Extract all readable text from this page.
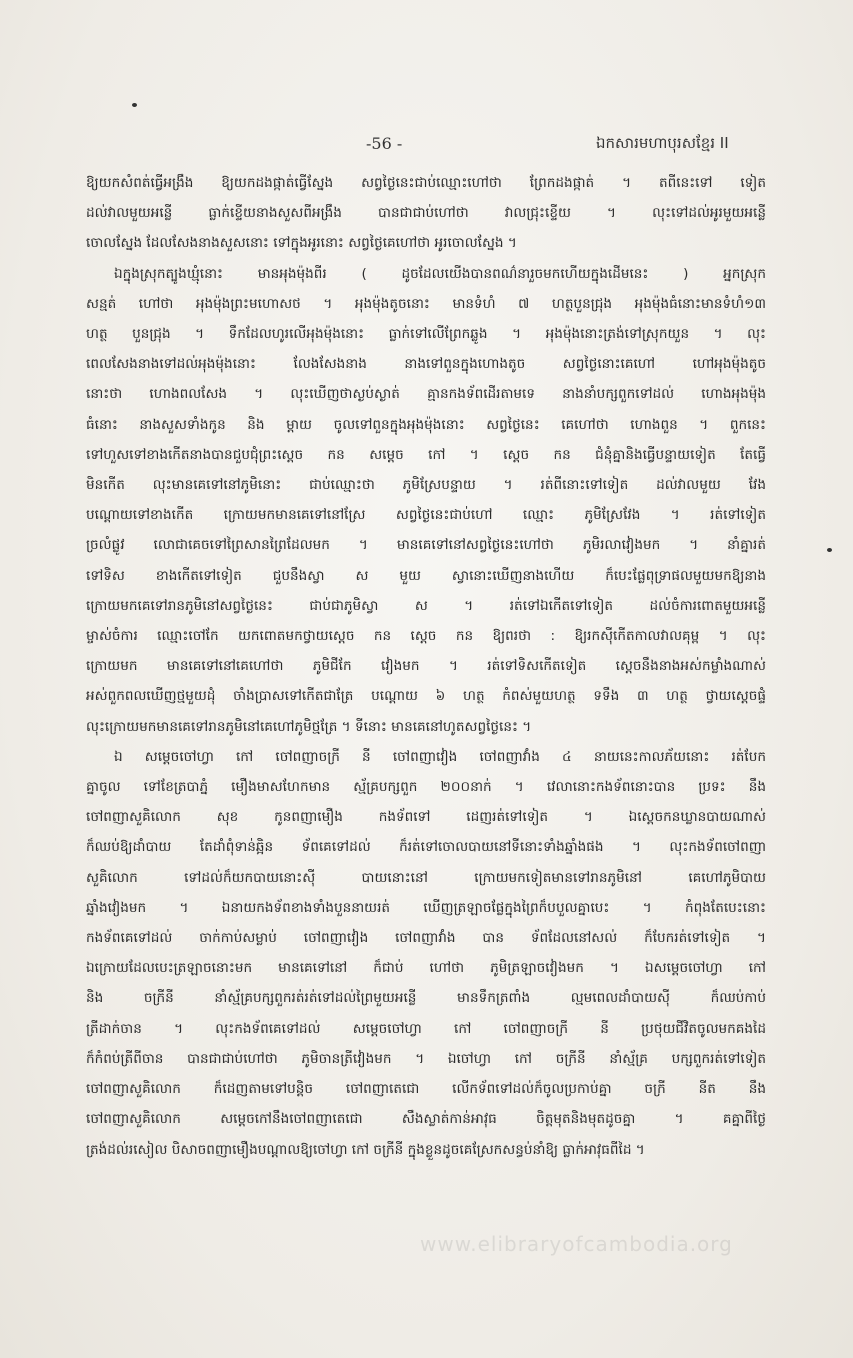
-56 -	ឯកសារមហាបុរសខ្មែរ II
ឱ្យយកសំពត់ធ្វើអង្រឹង ឱ្យយកដងផ្កាត់ធ្វើស្នែង សព្វថ្ងៃនេះជាប់ឈ្មោះហៅថា ព្រែកដងផ្កាត់ ។ តពីនេះទៅ ទៀត
ដល់វាលមួយអន្លើ ធ្លាក់ខ្ទើយនាងសួសពីអង្រឹង បានជាជាប់ហៅថា វាលជ្រុះខ្ទើយ ។ លុះទៅដល់អូរមួយអន្លើ
ចោលស្នែង ដែលសែងនាងសួសនោះ ទៅក្នុងអូរនោះ សព្វថ្ងៃគេហៅថា អូរចោលស្នែង ។
ឯក្នុងស្រុកត្បូងឃ្មុំនោះ មានអុងម៉ុងពីរ ( ដូចដែលយើងបានពណ៌នារួចមកហើយក្នុងដើមនេះ ) អ្នកស្រុក
សន្មត់ ហៅថា អុងម៉ុងព្រះមហោសថ ។ អុងម៉ុងតូចនោះ មានទំហំ ៧ ហត្ថបួនជ្រុង អុងម៉ុងធំនោះមានទំហំ១៣
ហត្ថ បួនជ្រុង ។ ទឹកដែលហូរលើអុងម៉ុងនោះ ធ្លាក់ទៅលើព្រែកឆ្លូង ។ អុងម៉ុងនោះត្រង់ទៅស្រុកយួន ។ លុះ
ពេលសែងនាងទៅដល់អុងម៉ុងនោះ លែងសែងនាង នាងទៅពួនក្នុងហោងតូច សព្វថ្ងៃនោះគេហៅ ហៅអុងម៉ុងតូច
នោះថា ហោងពលសែង ។ លុះឃើញថាស្ងប់ស្ងាត់ គ្មានកងទ័ពដើរតាមទេ នាងនាំបក្សពួកទៅដល់ ហោងអុងម៉ុង
ធំនោះ នាងសួសទាំងកូន និង ម្តាយ ចូលទៅពួនក្នុងអុងម៉ុងនោះ សព្វថ្ងៃនេះ គេហៅថា ហោងពួន ។ ពួកនេះ
ទៅហួសទៅខាងកើតនាងបានជួបជុំព្រះស្តេច កន សម្តេច កៅ ។ ស្តេច កន ជំនុំគ្នានិងធ្វើបន្ទាយទៀត តែធ្វើ
មិនកើត លុះមានគេទៅនៅភូមិនោះ ជាប់ឈ្មោះថា ភូមិស្រែបន្ទាយ ។ រត់ពីនោះទៅទៀត ដល់វាលមួយ វែង
បណ្តោយទៅខាងកើត ក្រោយមកមានគេទៅនៅស្រែ សព្វថ្ងៃនេះជាប់ហៅ ឈ្មោះ ភូមិស្រែវែង ។ រត់ទៅទៀត
ច្រលំផ្លូវ លោជាគេចទៅព្រៃសានព្រៃដែលមក ។ មានគេទៅនៅសព្វថ្ងៃនេះហៅថា ភូមិរលាវៀងមក ។ នាំគ្នារត់
ទៅទិស ខាងកើតទៅទៀត ជួបនឹងស្វា ស មួយ ស្វានោះឃើញនាងហើយ ក៏បេះផ្លែពុទ្រាផលមួយមកឱ្យនាង
ក្រោយមកគេទៅរានភូមិនៅសព្វថ្ងៃនេះ ជាប់ជាភូមិស្វា ស ។ រត់ទៅឯកើតទៅទៀត ដល់ចំការពោតមួយអន្លើ
ម្ចាស់ចំការ ឈ្មោះចៅកែ យកពោតមកថ្វាយស្តេច កន ស្តេច កន ឱ្យពរថា : ឱ្យរកស៊ីកើតកាលវាលគុម្ព ។ លុះ
ក្រោយមក មានគេទៅនៅគេហៅថា ភូមិជីកែ វៀងមក ។ រត់ទៅទិសកើតទៀត ស្តេចនឹងនាងអស់កម្លាំងណាស់
អស់ពួកពលឃើញថ្មមួយដុំ ចាំងប្រាសទៅកើតជាត្រែ បណ្តោយ ៦ ហត្ថ កំពស់មួយហត្ថ ទទឹង ៣ ហត្ថ ថ្វាយស្តេចផ្ទំ
លុះក្រោយមកមានគេទៅរានភូមិនៅគេហៅភូមិថ្មត្រែ ។ ទីនោះ មានគេនៅហូតសព្វថ្ងៃនេះ ។
ឯ សម្តេចចៅហ្វា កៅ ចៅពញាចក្រី នី ចៅពញាវៀង ចៅពញាវាំង ៤ នាយនេះកាលភ័យនោះ រត់បែក
គ្នាចូល ទៅខែត្របាភ្នំ មឿងមាសហែកមាន ស្ម័គ្របក្សពួក ២០០នាក់ ។ វេលានោះកងទ័ពនោះបាន ប្រទះ នឹង
ចៅពញាសួគិលោក សុខ កូនពញាមឿង កងទ័ពទៅ ដេញរត់ទៅទៀត ។ ឯស្តេចកនឃ្លានបាយណាស់
ក៏ឈប់ឱ្យដាំបាយ តែដាំពុំទាន់ឆ្អិន ទ័ពគេទៅដល់ ក៏រត់ទៅចោលបាយនៅទីនោះទាំងឆ្នាំងផង ។ លុះកងទ័ពចៅពញា
សួគិលោក ទៅដល់ក៏យកបាយនោះស៊ី បាយនោះនៅ ក្រោយមកទៀតមានទៅរានភូមិនៅ គេហៅភូមិបាយ
ឆ្នាំងវៀងមក ។ ឯនាយកងទ័ពខាងទាំងបួននាយរត់ ឃើញត្រឡាចផ្លែក្នុងព្រៃក៏បបួលគ្នាបេះ ។ កំពុងតែបេះនោះ
កងទ័ពគេទៅដល់ ចាក់កាប់សម្លាប់ ចៅពញាវៀង ចៅពញាវាំង បាន ទ័ពដែលនៅសល់ ក៏បែករត់ទៅទៀត ។
ឯក្រោយដែលបេះត្រឡាចនោះមក មានគេទៅនៅ ក៏ជាប់ ហៅថា ភូមិត្រឡាចវៀងមក ។ ឯសម្តេចចៅហ្វា កៅ
និង ចក្រីនី នាំស្ម័គ្របក្សពួករត់រត់ទៅដល់ព្រៃមួយអន្លើ មានទឹកត្រពាំង ល្មមពេលដាំបាយស៊ី ក៏ឈប់កាប់
ត្រីដាក់ចាន ។ លុះកងទ័ពគេទៅដល់ សម្តេចចៅហ្វា កៅ ចៅពញាចក្រី នី ប្រថុយជីវិតចូលមកគងដៃ
ក៏កំពប់ត្រីពីចាន បានជាជាប់ហៅថា ភូមិចានត្រីវៀងមក ។ ឯចៅហ្វា កៅ ចក្រីនី នាំស្ម័គ្រ បក្សពួករត់ទៅទៀត
ចៅពញាសួគិលោក ក៏ដេញតាមទៅបន្តិច ចៅពញាតេជោ លើកទ័ពទៅដល់ក៏ចូលប្រកាប់គ្នា ចក្រី នីត នឹង
ចៅពញាសួគិលោក សម្តេចកៅនឹងចៅពញាតេជោ សឹងស្លាត់កាន់អាវុធ ចិត្តមុតនិងមុតដូចគ្នា ។ គគ្នាពីថ្ងៃ
ត្រង់ដល់រសៀល បិសាចពញាមឿងបណ្តាលឱ្យចៅហ្វា កៅ ចក្រីនី ក្នុងខ្លួនដូចគេស្រែកសន្ធប់នាំឱ្យ ធ្លាក់អាវុធពីដៃ ។
www.elibraryofcambodia.org
